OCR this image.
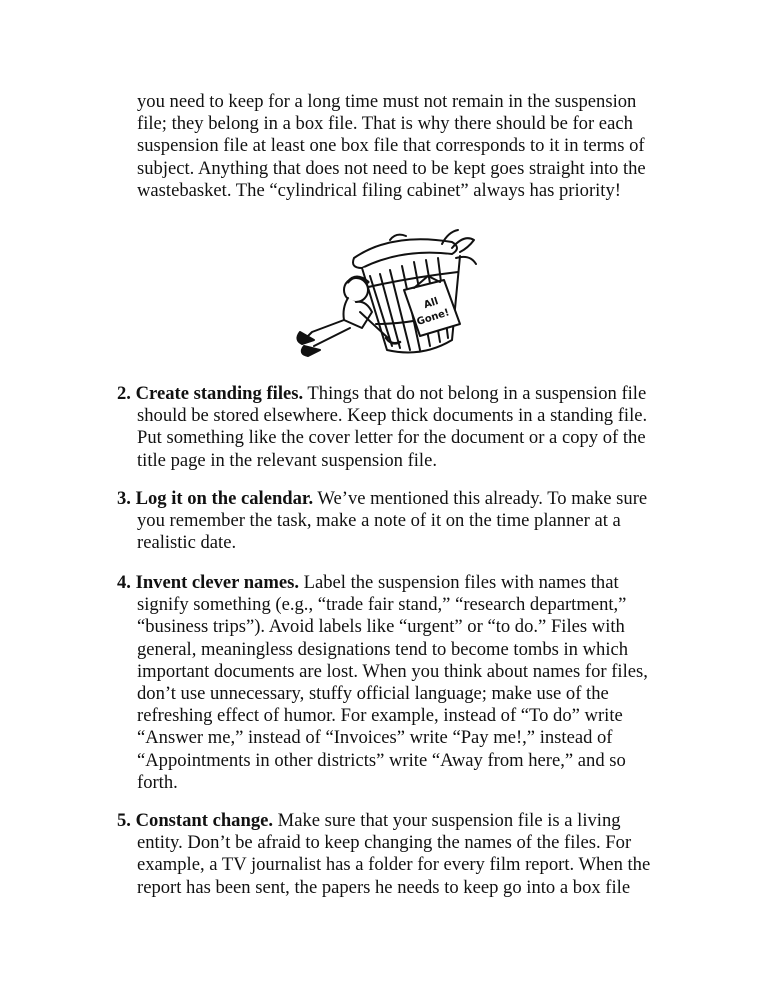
you need to keep for a long time must not remain in the suspension
file; they belong in a box file. That is why there should be for each
suspension file at least one box file that corresponds to it in terms of
subject. Anything that does not need to be kept goes straight into the
wastebasket. The “cylindrical filing cabinet” always has priority!
All
Gone!
2. Create standing files. Things that do not belong in a suspension file
should be stored elsewhere. Keep thick documents in a standing file.
Put something like the cover letter for the document or a copy of the
title page in the relevant suspension file.
3. Log it on the calendar. We’ve mentioned this already. To make sure
you remember the task, make a note of it on the time planner at a
realistic date.
4. Invent clever names. Label the suspension files with names that
signify something (e.g., “trade fair stand,” “research department,”
“business trips”). Avoid labels like “urgent” or “to do.” Files with
general, meaningless designations tend to become tombs in which
important documents are lost. When you think about names for files,
don’t use unnecessary, stuffy official language; make use of the
refreshing effect of humor. For example, instead of “To do” write
“Answer me,” instead of “Invoices” write “Pay me!,” instead of
“Appointments in other districts” write “Away from here,” and so
forth.
5. Constant change. Make sure that your suspension file is a living
entity. Don’t be afraid to keep changing the names of the files. For
example, a TV journalist has a folder for every film report. When the
report has been sent, the papers he needs to keep go into a box file
